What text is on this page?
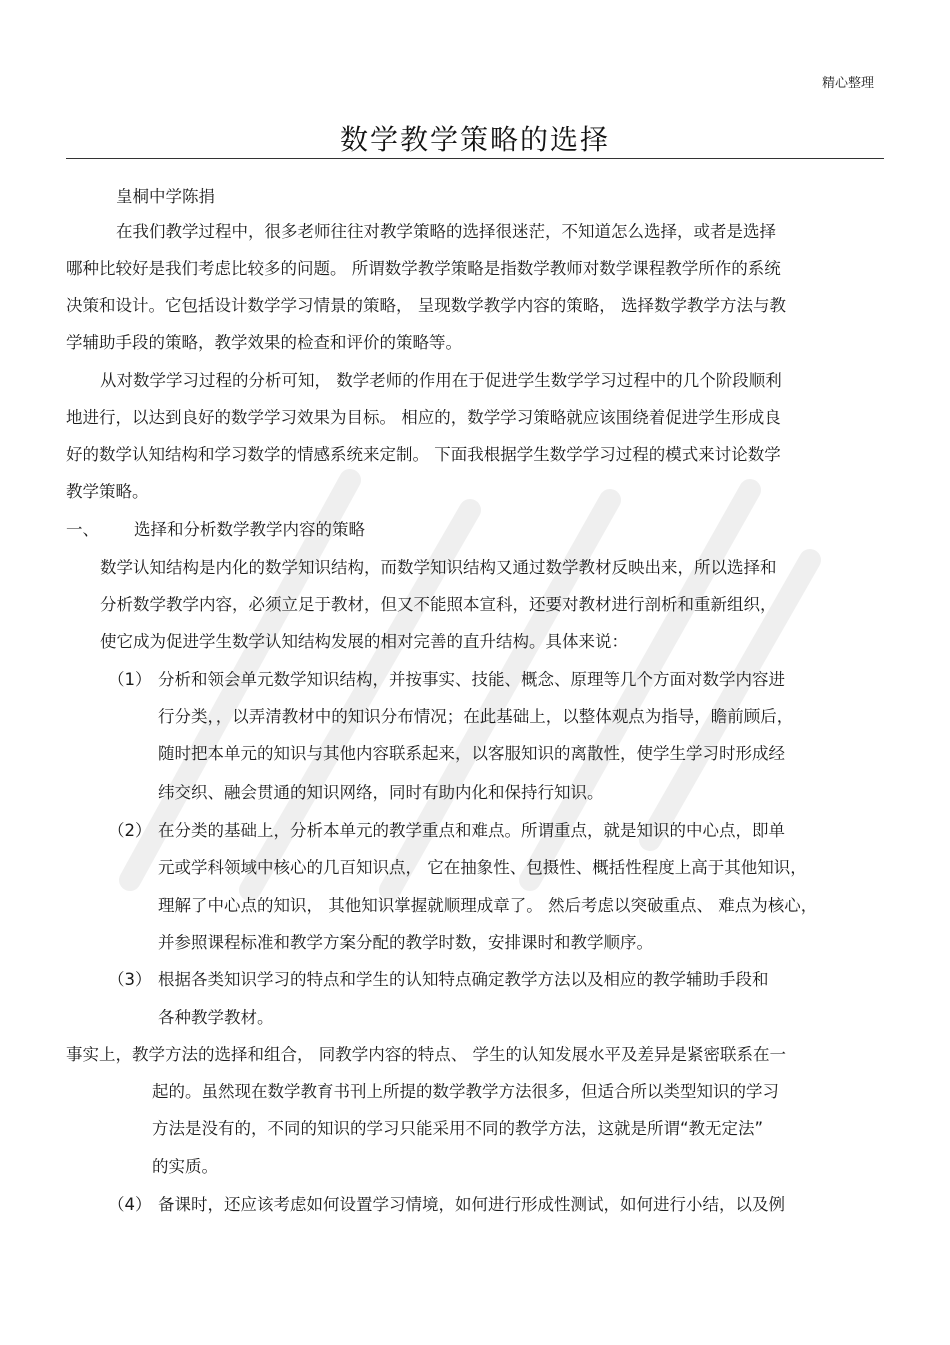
精心整理
数学教学策略的选择
皇桐中学陈捐
在我们教学过程中，很多老师往往对教学策略的选择很迷茫，不知道怎么选择，或者是选择
哪种比较好是我们考虑比较多的问题。 所谓数学教学策略是指数学教师对数学课程教学所作的系统
决策和设计。它包括设计数学学习情景的策略， 呈现数学教学内容的策略， 选择数学教学方法与教
学辅助手段的策略，教学效果的检查和评价的策略等。
从对数学学习过程的分析可知， 数学老师的作用在于促进学生数学学习过程中的几个阶段顺利
地进行，以达到良好的数学学习效果为目标。 相应的，数学学习策略就应该围绕着促进学生形成良
好的数学认知结构和学习数学的情感系统来定制。 下面我根据学生数学学习过程的模式来讨论数学
教学策略。
一、 选择和分析数学教学内容的策略
数学认知结构是内化的数学知识结构，而数学知识结构又通过数学教材反映出来，所以选择和
分析数学教学内容，必须立足于教材，但又不能照本宣科，还要对教材进行剖析和重新组织，
使它成为促进学生数学认知结构发展的相对完善的直升结构。具体来说：
（1） 分析和领会单元数学知识结构，并按事实、技能、概念、原理等几个方面对数学内容进
行分类，，以弄清教材中的知识分布情况；在此基础上，以整体观点为指导，瞻前顾后，
随时把本单元的知识与其他内容联系起来，以客服知识的离散性，使学生学习时形成经
纬交织、融会贯通的知识网络，同时有助内化和保持行知识。
（2） 在分类的基础上，分析本单元的教学重点和难点。所谓重点，就是知识的中心点，即单
元或学科领域中核心的几百知识点， 它在抽象性、包摄性、概括性程度上高于其他知识，
理解了中心点的知识， 其他知识掌握就顺理成章了。 然后考虑以突破重点、 难点为核心，
并参照课程标准和教学方案分配的教学时数，安排课时和教学顺序。
（3） 根据各类知识学习的特点和学生的认知特点确定教学方法以及相应的教学辅助手段和
各种教学教材。
事实上，教学方法的选择和组合， 同教学内容的特点、 学生的认知发展水平及差异是紧密联系在一
起的。虽然现在数学教育书刊上所提的数学教学方法很多，但适合所以类型知识的学习
方法是没有的，不同的知识的学习只能采用不同的教学方法，这就是所谓“教无定法”
的实质。
（4） 备课时，还应该考虑如何设置学习情境，如何进行形成性测试，如何进行小结，以及例
